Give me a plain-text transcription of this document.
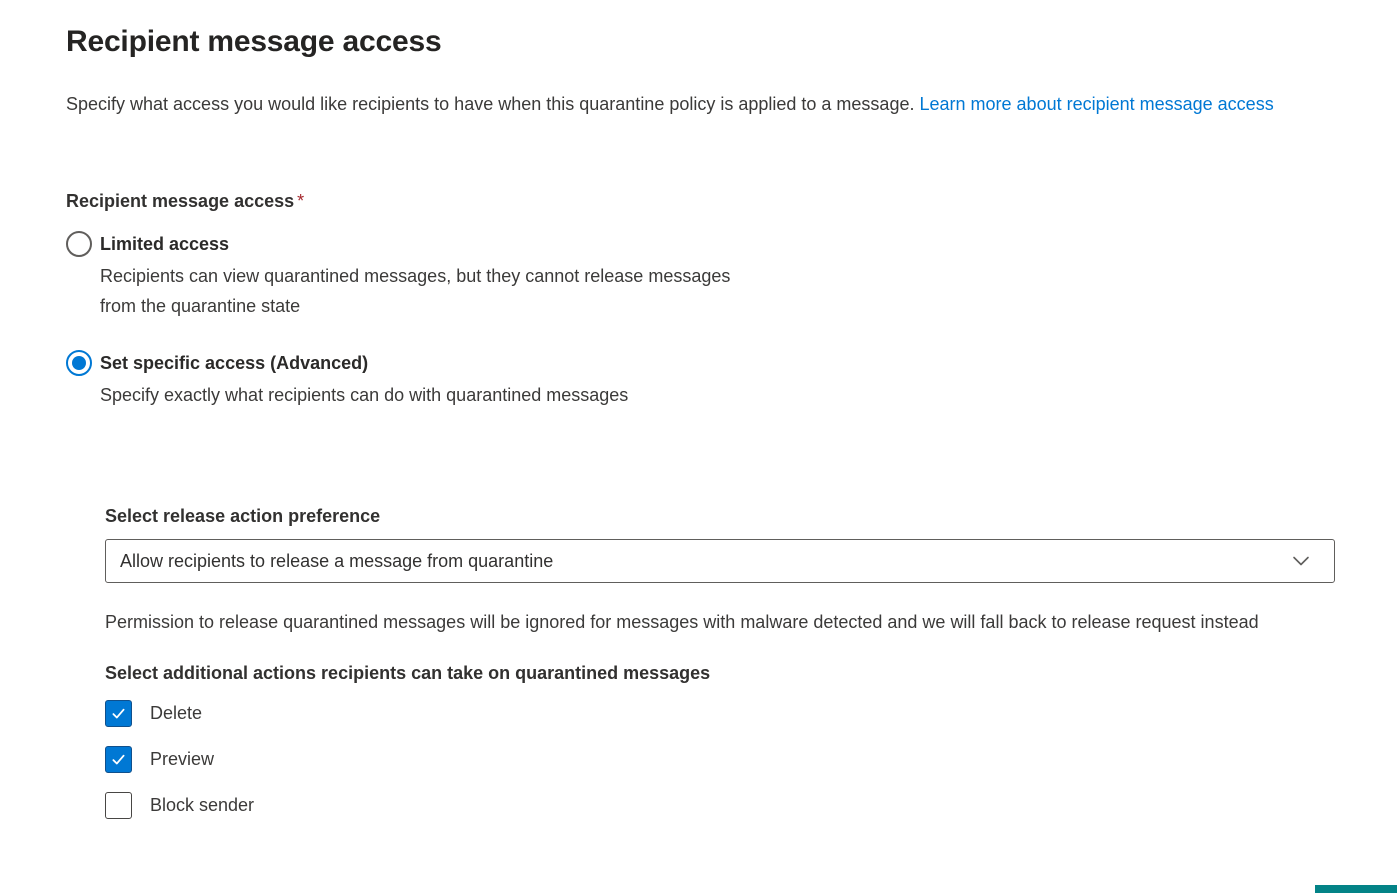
Recipient message access

Specify what access you would like recipients to have when this quarantine policy is applied to a message. Learn more about recipient message access

Recipient message access *
Limited access
Recipients can view quarantined messages, but they cannot release messages from the quarantine state
Set specific access (Advanced)
Specify exactly what recipients can do with quarantined messages
Select release action preference
Allow recipients to release a message from quarantine
Permission to release quarantined messages will be ignored for messages with malware detected and we will fall back to release request instead
Select additional actions recipients can take on quarantined messages
Delete
Preview
Block sender
